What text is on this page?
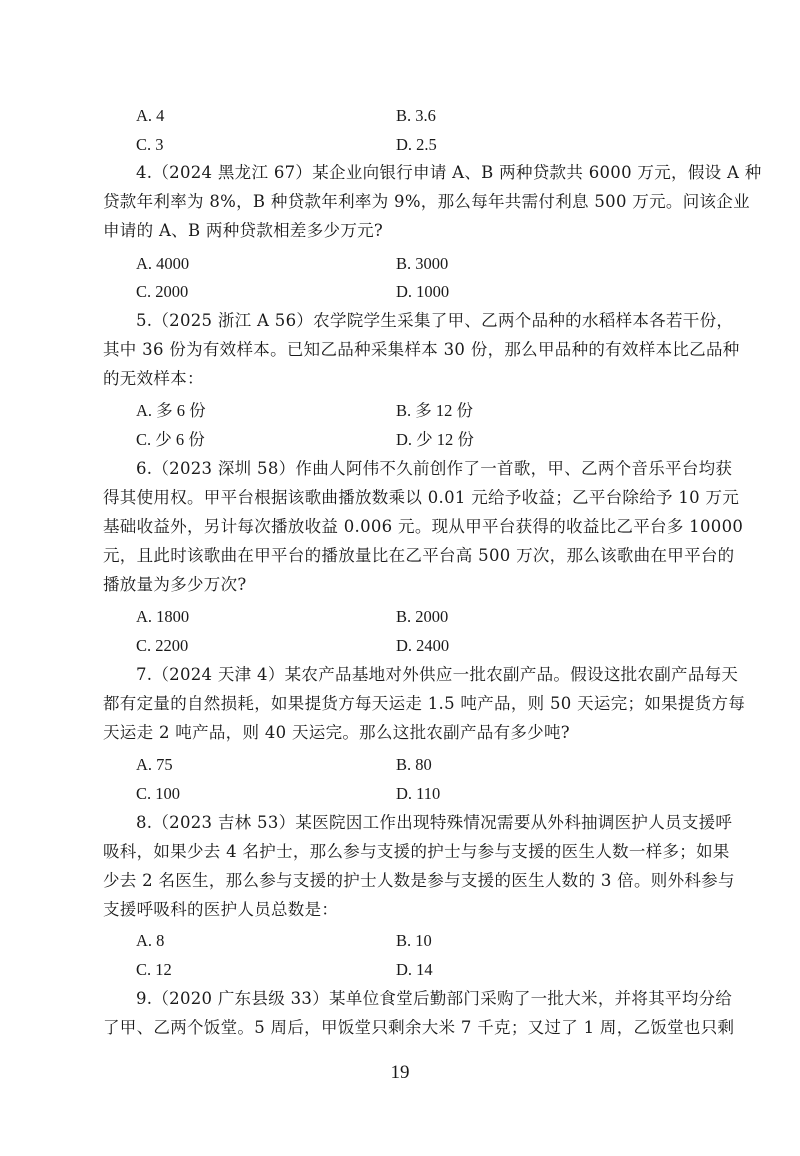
A. 4	B. 3.6
C. 3	D. 2.5
4.（2024 黑龙江 67）某企业向银行申请 A、B 两种贷款共 6000 万元，假设 A 种
贷款年利率为 8%，B 种贷款年利率为 9%，那么每年共需付利息 500 万元。问该企业
申请的 A、B 两种贷款相差多少万元?
A. 4000	B. 3000
C. 2000	D. 1000
5.（2025 浙江 A 56）农学院学生采集了甲、乙两个品种的水稻样本各若干份，
其中 36 份为有效样本。已知乙品种采集样本 30 份，那么甲品种的有效样本比乙品种
的无效样本：
A. 多 6 份	B. 多 12 份
C. 少 6 份	D. 少 12 份
6.（2023 深圳 58）作曲人阿伟不久前创作了一首歌，甲、乙两个音乐平台均获
得其使用权。甲平台根据该歌曲播放数乘以 0.01 元给予收益；乙平台除给予 10 万元
基础收益外，另计每次播放收益 0.006 元。现从甲平台获得的收益比乙平台多 10000
元，且此时该歌曲在甲平台的播放量比在乙平台高 500 万次，那么该歌曲在甲平台的
播放量为多少万次?
A. 1800	B. 2000
C. 2200	D. 2400
7.（2024 天津 4）某农产品基地对外供应一批农副产品。假设这批农副产品每天
都有定量的自然损耗，如果提货方每天运走 1.5 吨产品，则 50 天运完；如果提货方每
天运走 2 吨产品，则 40 天运完。那么这批农副产品有多少吨?
A. 75	B. 80
C. 100	D. 110
8.（2023 吉林 53）某医院因工作出现特殊情况需要从外科抽调医护人员支援呼
吸科，如果少去 4 名护士，那么参与支援的护士与参与支援的医生人数一样多；如果
少去 2 名医生，那么参与支援的护士人数是参与支援的医生人数的 3 倍。则外科参与
支援呼吸科的医护人员总数是：
A. 8	B. 10
C. 12	D. 14
9.（2020 广东县级 33）某单位食堂后勤部门采购了一批大米，并将其平均分给
了甲、乙两个饭堂。5 周后，甲饭堂只剩余大米 7 千克；又过了 1 周，乙饭堂也只剩
19
